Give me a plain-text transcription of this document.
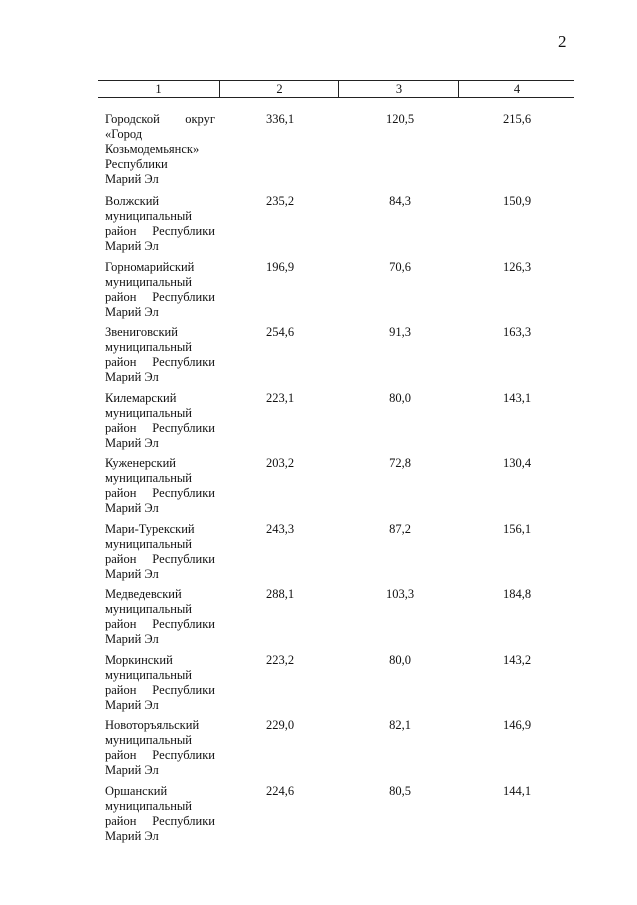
2
1	2	3	4
Городской округ
«Город
Козьмодемьянск»
Республики
Марий Эл
336,1	120,5	215,6
Волжский
муниципальный
район Республики
Марий Эл
235,2	84,3	150,9
Горномарийский
муниципальный
район Республики
Марий Эл
196,9	70,6	126,3
Звениговский
муниципальный
район Республики
Марий Эл
254,6	91,3	163,3
Килемарский
муниципальный
район Республики
Марий Эл
223,1	80,0	143,1
Куженерский
муниципальный
район Республики
Марий Эл
203,2	72,8	130,4
Мари-Турекский
муниципальный
район Республики
Марий Эл
243,3	87,2	156,1
Медведевский
муниципальный
район Республики
Марий Эл
288,1	103,3	184,8
Моркинский
муниципальный
район Республики
Марий Эл
223,2	80,0	143,2
Новоторъяльский
муниципальный
район Республики
Марий Эл
229,0	82,1	146,9
Оршанский
муниципальный
район Республики
Марий Эл
224,6	80,5	144,1
